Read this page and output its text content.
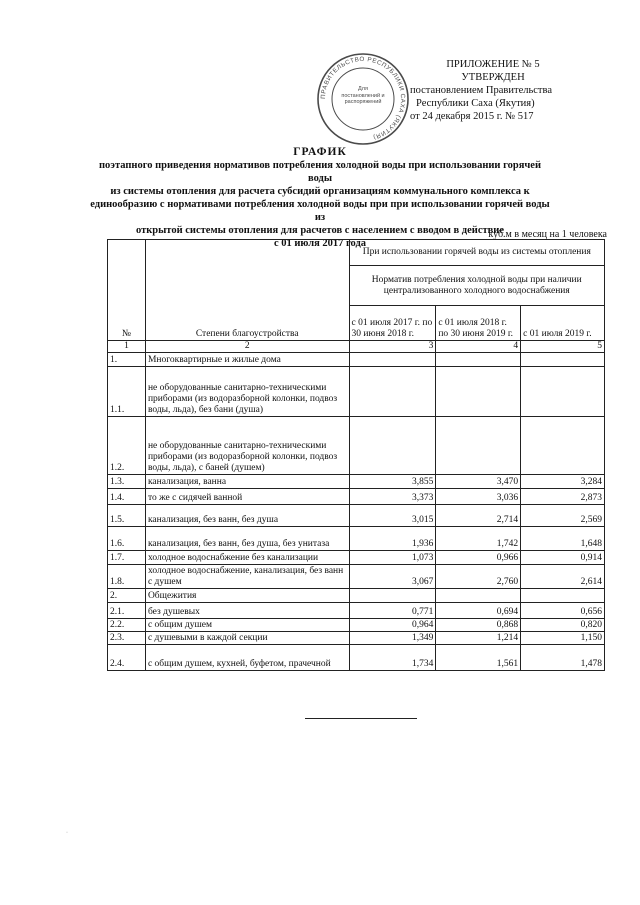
ПРАВИТЕЛЬСТВО РЕСПУБЛИКИ САХА (ЯКУТИЯ)
Для постановлений и распоряжений
ПРИЛОЖЕНИЕ № 5
УТВЕРЖДЕН
постановлением Правительства
Республики Саха (Якутия)
от 24 декабря 2015 г. № 517
ГРАФИК
поэтапного приведения нормативов потребления холодной воды при использовании горячей воды
из системы отопления для расчета субсидий организациям коммунального комплекса к
единообразию с нормативами потребления холодной воды при при использовании горячей воды из
открытой системы отопления для расчетов с населением с вводом в действие
с 01 июля 2017 года
куб.м в месяц на 1 человека
№	Степени благоустройства	При использовании горячей воды из системы отопления		
		Норматив потребления холодной воды при наличии централизованного холодного водоснабжения		
		с 01 июля 2017 г. по 30 июня 2018 г.	с 01 июля 2018 г. по 30 июня 2019 г.	с 01 июля 2019 г.
1	2	3	4	5
1.	Многоквартирные и жилые дома			
1.1.	не оборудованные санитарно-техническими приборами (из водоразборной колонки, подвоз воды, льда), без бани (душа)			
1.2.	не оборудованные санитарно-техническими приборами (из водоразборной колонки, подвоз воды, льда), с баней (душем)			
1.3.	канализация, ванна	3,855	3,470	3,284
1.4.	то же с сидячей ванной	3,373	3,036	2,873
1.5.	канализация, без ванн, без душа	3,015	2,714	2,569
1.6.	канализация, без ванн, без душа, без унитаза	1,936	1,742	1,648
1.7.	холодное водоснабжение без канализации	1,073	0,966	0,914
1.8.	холодное водоснабжение, канализация, без ванн с душем	3,067	2,760	2,614
2.	Общежития			
2.1.	без душевых	0,771	0,694	0,656
2.2.	с общим душем	0,964	0,868	0,820
2.3.	с душевыми в каждой секции	1,349	1,214	1,150
2.4.	с общим душем, кухней, буфетом, прачечной	1,734	1,561	1,478
·
